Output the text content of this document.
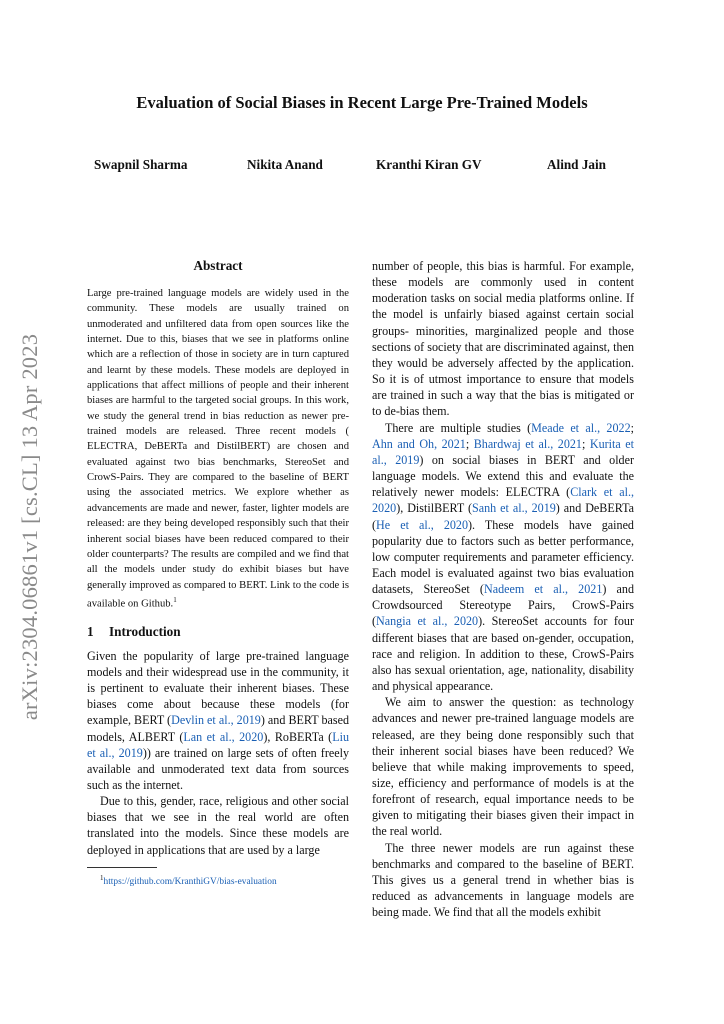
arXiv:2304.06861v1 [cs.CL] 13 Apr 2023
Evaluation of Social Biases in Recent Large Pre-Trained Models
Swapnil Sharma	Nikita Anand	Kranthi Kiran GV	Alind Jain
Abstract

Large pre-trained language models are widely used in the community. These models are usually trained on unmoderated and unfiltered data from open sources like the internet. Due to this, biases that we see in platforms online which are a reflection of those in society are in turn captured and learnt by these models. These models are deployed in applications that affect millions of people and their inherent biases are harmful to the targeted social groups. In this work, we study the general trend in bias reduction as newer pre-trained models are released. Three recent models ( ELECTRA, DeBERTa and DistilBERT) are chosen and evaluated against two bias benchmarks, StereoSet and CrowS-Pairs. They are compared to the baseline of BERT using the associated metrics. We explore whether as advancements are made and newer, faster, lighter models are released: are they being developed responsibly such that their inherent social biases have been reduced compared to their older counterparts? The results are compiled and we find that all the models under study do exhibit biases but have generally improved as compared to BERT. Link to the code is available on Github.$^1$

1 Introduction

Given the popularity of large pre-trained language models and their widespread use in the community, it is pertinent to evaluate their inherent biases. These biases come about because these models (for example, BERT (Devlin et al., 2019) and BERT based models, ALBERT (Lan et al., 2020), RoBERTa (Liu et al., 2019)) are trained on large sets of often freely available and unmoderated text data from sources such as the internet.

Due to this, gender, race, religious and other social biases that we see in the real world are often translated into the models. Since these models are deployed in applications that are used by a large

$^1$https://github.com/KranthiGV/bias-evaluation

number of people, this bias is harmful. For example, these models are commonly used in content moderation tasks on social media platforms online. If the model is unfairly biased against certain social groups- minorities, marginalized people and those sections of society that are discriminated against, then they would be adversely affected by the application. So it is of utmost importance to ensure that models are trained in such a way that the bias is mitigated or to de-bias them.

There are multiple studies (Meade et al., 2022; Ahn and Oh, 2021; Bhardwaj et al., 2021; Kurita et al., 2019) on social biases in BERT and older language models. We extend this and evaluate the relatively newer models: ELECTRA (Clark et al., 2020), DistilBERT (Sanh et al., 2019) and DeBERTa (He et al., 2020). These models have gained popularity due to factors such as better performance, low computer requirements and parameter efficiency. Each model is evaluated against two bias evaluation datasets, StereoSet (Nadeem et al., 2021) and Crowdsourced Stereotype Pairs, CrowS-Pairs (Nangia et al., 2020). StereoSet accounts for four different biases that are based on-gender, occupation, race and religion. In addition to these, CrowS-Pairs also has sexual orientation, age, nationality, disability and physical appearance.

We aim to answer the question: as technology advances and newer pre-trained language models are released, are they being done responsibly such that their inherent social biases have been reduced? We believe that while making improvements to speed, size, efficiency and performance of models is at the forefront of research, equal importance needs to be given to mitigating their biases given their impact in the real world.

The three newer models are run against these benchmarks and compared to the baseline of BERT. This gives us a general trend in whether bias is reduced as advancements in language models are being made. We find that all the models exhibit
